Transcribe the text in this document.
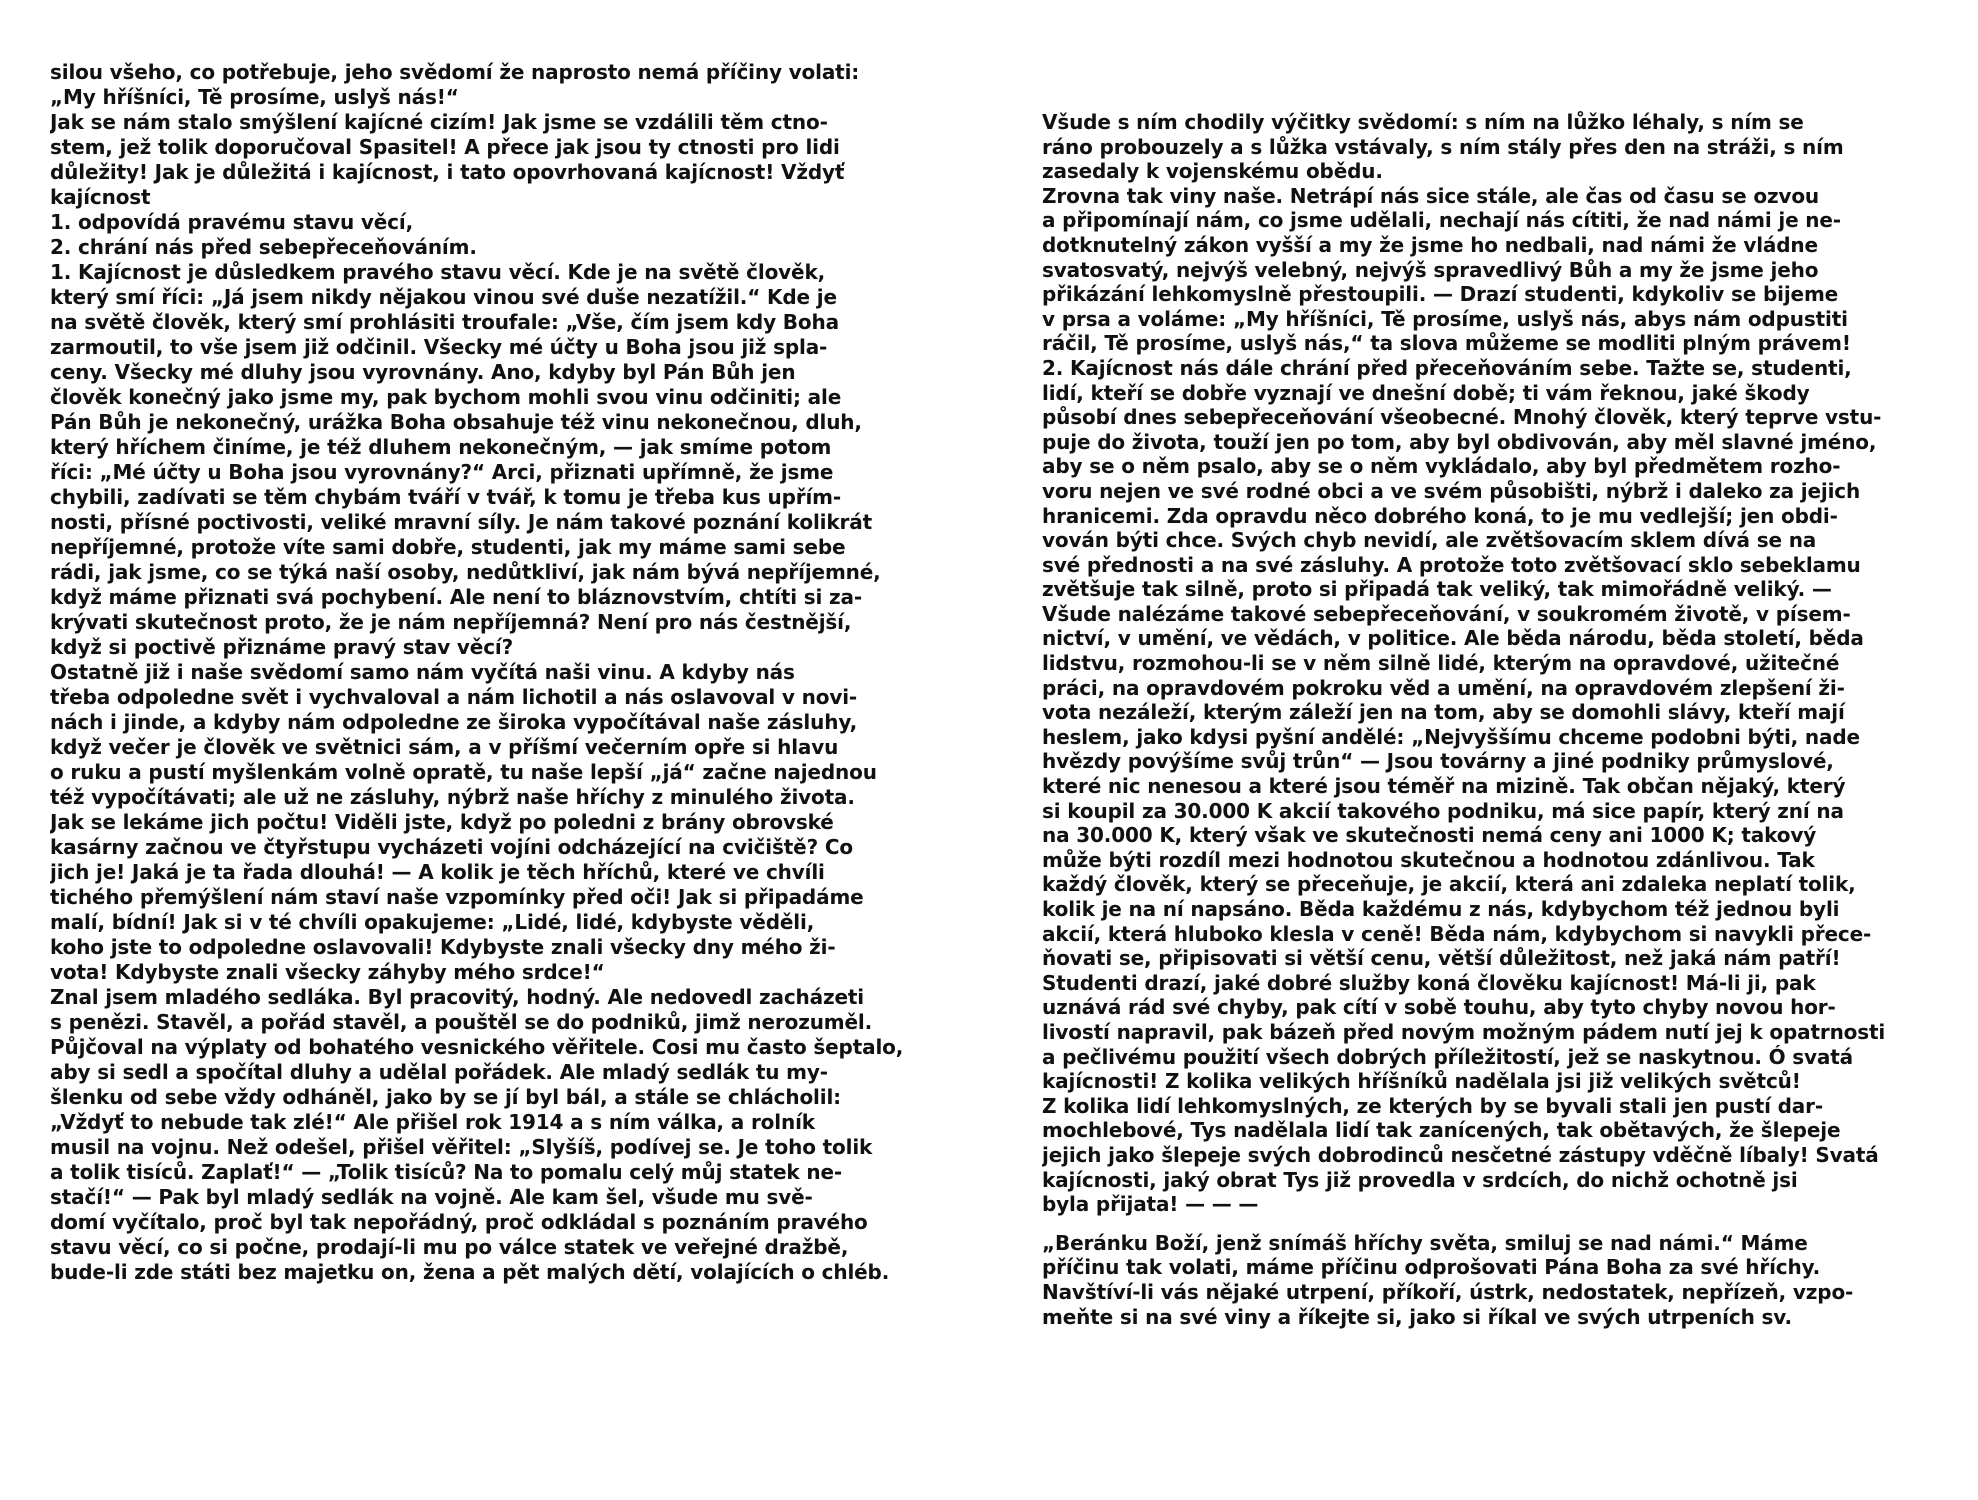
silou všeho, co potřebuje, jeho svědomí že naprosto nemá příčiny volati:
„My hříšníci, Tě prosíme, uslyš nás!“
Jak se nám stalo smýšlení kajícné cizím! Jak jsme se vzdálili těm ctno-
stem, jež tolik doporučoval Spasitel! A přece jak jsou ty ctnosti pro lidi
důležity! Jak je důležitá i kajícnost, i tato opovrhovaná kajícnost! Vždyť
kajícnost
1. odpovídá pravému stavu věcí,
2. chrání nás před sebepřeceňováním.
1. Kajícnost je důsledkem pravého stavu věcí. Kde je na světě člověk,
který smí říci: „Já jsem nikdy nějakou vinou své duše nezatížil.“ Kde je
na světě člověk, který smí prohlásiti troufale: „Vše, čím jsem kdy Boha
zarmoutil, to vše jsem již odčinil. Všecky mé účty u Boha jsou již spla-
ceny. Všecky mé dluhy jsou vyrovnány. Ano, kdyby byl Pán Bůh jen
člověk konečný jako jsme my, pak bychom mohli svou vinu odčiniti; ale
Pán Bůh je nekonečný, urážka Boha obsahuje též vinu nekonečnou, dluh,
který hříchem činíme, je též dluhem nekonečným, — jak smíme potom
říci: „Mé účty u Boha jsou vyrovnány?“ Arci, přiznati upřímně, že jsme
chybili, zadívati se těm chybám tváří v tvář, k tomu je třeba kus upřím-
nosti, přísné poctivosti, veliké mravní síly. Je nám takové poznání kolikrát
nepříjemné, protože víte sami dobře, studenti, jak my máme sami sebe
rádi, jak jsme, co se týká naší osoby, nedůtkliví, jak nám bývá nepříjemné,
když máme přiznati svá pochybení. Ale není to bláznovstvím, chtíti si za-
krývati skutečnost proto, že je nám nepříjemná? Není pro nás čestnější,
když si poctivě přiznáme pravý stav věcí?
Ostatně již i naše svědomí samo nám vyčítá naši vinu. A kdyby nás
třeba odpoledne svět i vychvaloval a nám lichotil a nás oslavoval v novi-
nách i jinde, a kdyby nám odpoledne ze široka vypočítával naše zásluhy,
když večer je člověk ve světnici sám, a v příšmí večerním opře si hlavu
o ruku a pustí myšlenkám volně opratě, tu naše lepší „já“ začne najednou
též vypočítávati; ale už ne zásluhy, nýbrž naše hříchy z minulého života.
Jak se lekáme jich počtu! Viděli jste, když po poledni z brány obrovské
kasárny začnou ve čtyřstupu vycházeti vojíni odcházející na cvičiště? Co
jich je! Jaká je ta řada dlouhá! — A kolik je těch hříchů, které ve chvíli
tichého přemýšlení nám staví naše vzpomínky před oči! Jak si připadáme
malí, bídní! Jak si v té chvíli opakujeme: „Lidé, lidé, kdybyste věděli,
koho jste to odpoledne oslavovali! Kdybyste znali všecky dny mého ži-
vota! Kdybyste znali všecky záhyby mého srdce!“
Znal jsem mladého sedláka. Byl pracovitý, hodný. Ale nedovedl zacházeti
s penězi. Stavěl, a pořád stavěl, a pouštěl se do podniků, jimž nerozuměl.
Půjčoval na výplaty od bohatého vesnického věřitele. Cosi mu často šeptalo,
aby si sedl a spočítal dluhy a udělal pořádek. Ale mladý sedlák tu my-
šlenku od sebe vždy odháněl, jako by se jí byl bál, a stále se chlácholil:
„Vždyť to nebude tak zlé!“ Ale přišel rok 1914 a s ním válka, a rolník
musil na vojnu. Než odešel, přišel věřitel: „Slyšíš, podívej se. Je toho tolik
a tolik tisíců. Zaplať!“ — „Tolik tisíců? Na to pomalu celý můj statek ne-
stačí!“ — Pak byl mladý sedlák na vojně. Ale kam šel, všude mu svě-
domí vyčítalo, proč byl tak nepořádný, proč odkládal s poznáním pravého
stavu věcí, co si počne, prodají-li mu po válce statek ve veřejné dražbě,
bude-li zde státi bez majetku on, žena a pět malých dětí, volajících o chléb.
Všude s ním chodily výčitky svědomí: s ním na lůžko léhaly, s ním se
ráno probouzely a s lůžka vstávaly, s ním stály přes den na stráži, s ním
zasedaly k vojenskému obědu.
Zrovna tak viny naše. Netrápí nás sice stále, ale čas od času se ozvou
a připomínají nám, co jsme udělali, nechají nás cítiti, že nad námi je ne-
dotknutelný zákon vyšší a my že jsme ho nedbali, nad námi že vládne
svatosvatý, nejvýš velebný, nejvýš spravedlivý Bůh a my že jsme jeho
přikázání lehkomyslně přestoupili. — Drazí studenti, kdykoliv se bijeme
v prsa a voláme: „My hříšníci, Tě prosíme, uslyš nás, abys nám odpustiti
ráčil, Tě prosíme, uslyš nás,“ ta slova můžeme se modliti plným právem!
2. Kajícnost nás dále chrání před přeceňováním sebe. Tažte se, studenti,
lidí, kteří se dobře vyznají ve dnešní době; ti vám řeknou, jaké škody
působí dnes sebepřeceňování všeobecné. Mnohý člověk, který teprve vstu-
puje do života, touží jen po tom, aby byl obdivován, aby měl slavné jméno,
aby se o něm psalo, aby se o něm vykládalo, aby byl předmětem rozho-
voru nejen ve své rodné obci a ve svém působišti, nýbrž i daleko za jejich
hranicemi. Zda opravdu něco dobrého koná, to je mu vedlejší; jen obdi-
vován býti chce. Svých chyb nevidí, ale zvětšovacím sklem dívá se na
své přednosti a na své zásluhy. A protože toto zvětšovací sklo sebeklamu
zvětšuje tak silně, proto si připadá tak veliký, tak mimořádně veliký. —
Všude nalézáme takové sebepřeceňování, v soukromém životě, v písem-
nictví, v umění, ve vědách, v politice. Ale běda národu, běda století, běda
lidstvu, rozmohou-li se v něm silně lidé, kterým na opravdové, užitečné
práci, na opravdovém pokroku věd a umění, na opravdovém zlepšení ži-
vota nezáleží, kterým záleží jen na tom, aby se domohli slávy, kteří mají
heslem, jako kdysi pyšní andělé: „Nejvyššímu chceme podobni býti, nade
hvězdy povýšíme svůj trůn“ — Jsou továrny a jiné podniky průmyslové,
které nic nenesou a které jsou téměř na mizině. Tak občan nějaký, který
si koupil za 30.000 K akcií takového podniku, má sice papír, který zní na
na 30.000 K, který však ve skutečnosti nemá ceny ani 1000 K; takový
může býti rozdíl mezi hodnotou skutečnou a hodnotou zdánlivou. Tak
každý člověk, který se přeceňuje, je akcií, která ani zdaleka neplatí tolik,
kolik je na ní napsáno. Běda každému z nás, kdybychom též jednou byli
akcií, která hluboko klesla v ceně! Běda nám, kdybychom si navykli přece-
ňovati se, připisovati si větší cenu, větší důležitost, než jaká nám patří!
Studenti drazí, jaké dobré služby koná člověku kajícnost! Má-li ji, pak
uznává rád své chyby, pak cítí v sobě touhu, aby tyto chyby novou hor-
livostí napravil, pak bázeň před novým možným pádem nutí jej k opatrnosti
a pečlivému použití všech dobrých příležitostí, jež se naskytnou. Ó svatá
kajícnosti! Z kolika velikých hříšníků nadělala jsi již velikých světců!
Z kolika lidí lehkomyslných, ze kterých by se byvali stali jen pustí dar-
mochlebové, Tys nadělala lidí tak zanícených, tak obětavých, že šlepeje
jejich jako šlepeje svých dobrodinců nesčetné zástupy vděčně líbaly! Svatá
kajícnosti, jaký obrat Tys již provedla v srdcích, do nichž ochotně jsi
byla přijata! — — —
„Beránku Boží, jenž snímáš hříchy světa, smiluj se nad námi.“ Máme
příčinu tak volati, máme příčinu odprošovati Pána Boha za své hříchy.
Navštíví-li vás nějaké utrpení, příkoří, ústrk, nedostatek, nepřízeň, vzpo-
meňte si na své viny a říkejte si, jako si říkal ve svých utrpeních sv.
